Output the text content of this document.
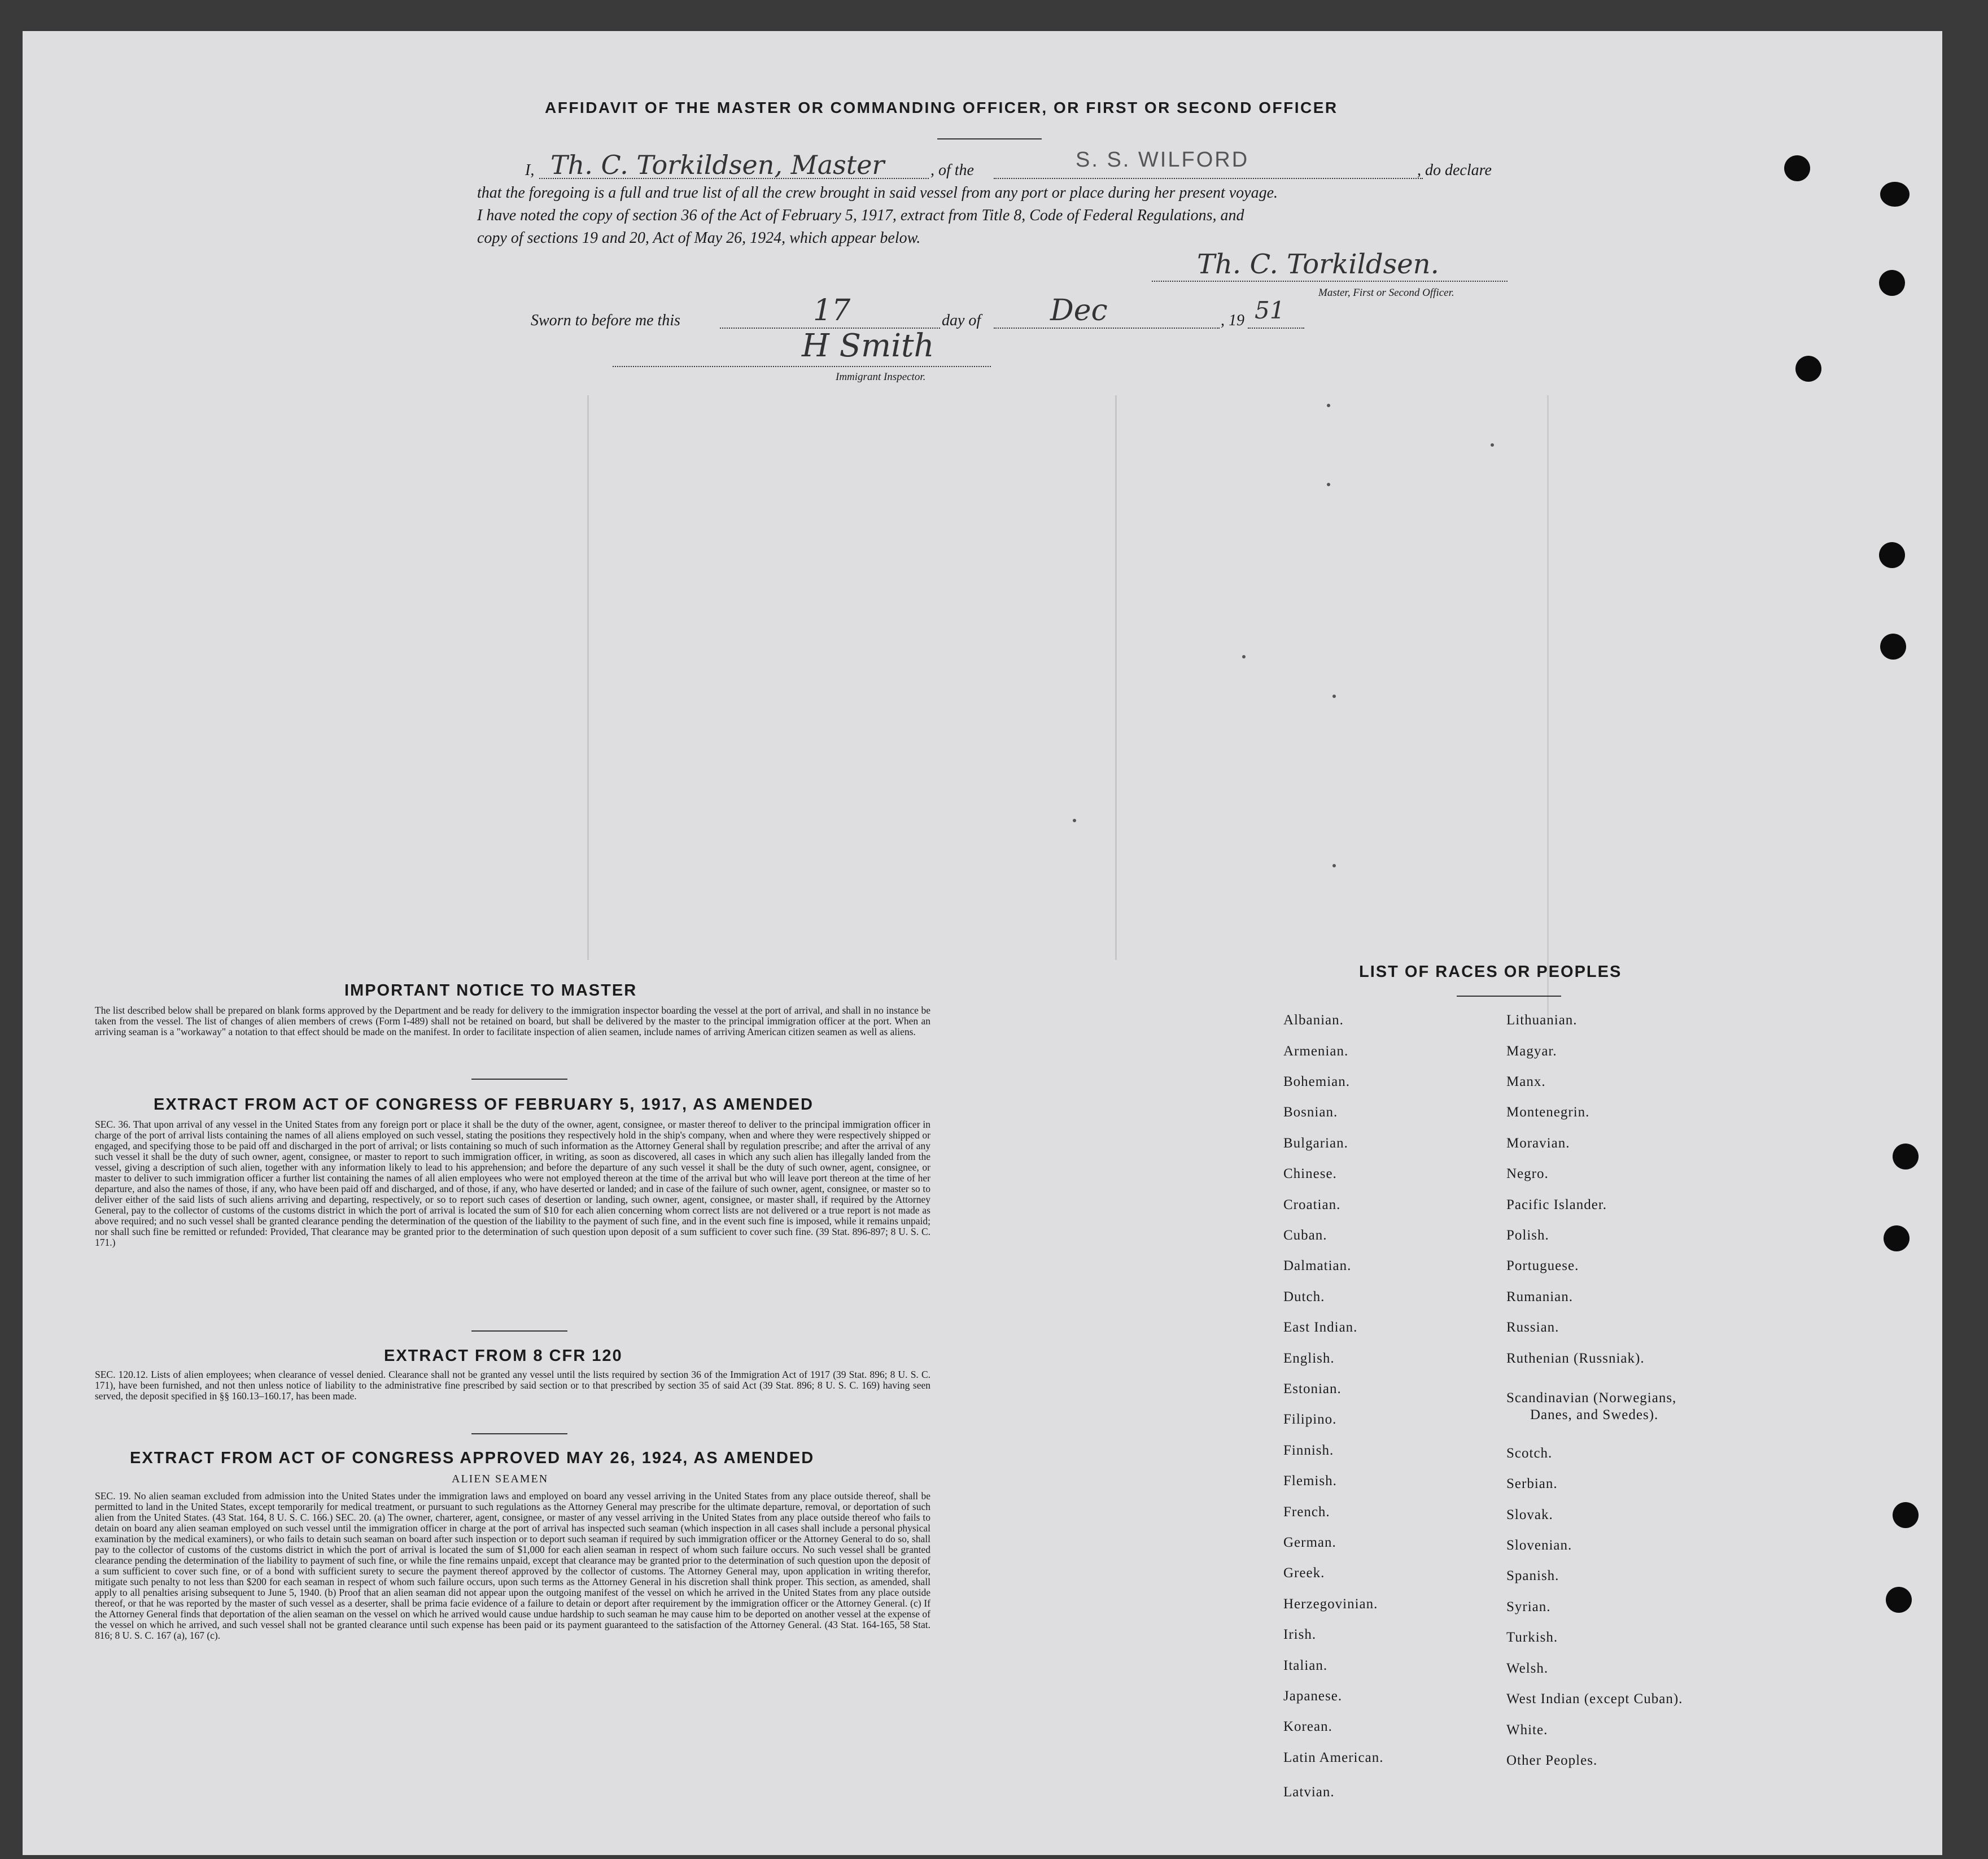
AFFIDAVIT OF THE MASTER OR COMMANDING OFFICER, OR FIRST OR SECOND OFFICER
I, Th. C. Torkildsen, Master	, of the	S. S. WILFORD	, do declare
that the foregoing is a full and true list of all the crew brought in said vessel from any port or place during her present voyage.
I have noted the copy of section 36 of the Act of February 5, 1917, extract from Title 8, Code of Federal Regulations, and
copy of sections 19 and 20, Act of May 26, 1924, which appear below.
Th. C. Torkildsen.
Master, First or Second Officer.
Sworn to before me this	17	day of Dec	, 19 51
H Smith
Immigrant Inspector.
IMPORTANT NOTICE TO MASTER
The list described below shall be prepared on blank forms approved by the Department and be ready for delivery to the immigration inspector boarding the vessel at the port of arrival, and shall in no instance be taken from the vessel. The list of changes of alien members of crews (Form I-489) shall not be retained on board, but shall be delivered by the master to the principal immigration officer at the port. When an arriving seaman is a "workaway" a notation to that effect should be made on the manifest. In order to facilitate inspection of alien seamen, include names of arriving American citizen seamen as well as aliens.
EXTRACT FROM ACT OF CONGRESS OF FEBRUARY 5, 1917, AS AMENDED
SEC. 36. That upon arrival of any vessel in the United States from any foreign port or place it shall be the duty of the owner, agent, consignee, or master thereof to deliver to the principal immigration officer in charge of the port of arrival lists containing the names of all aliens employed on such vessel, stating the positions they respectively hold in the ship's company, when and where they were respectively shipped or engaged, and specifying those to be paid off and discharged in the port of arrival; or lists containing so much of such information as the Attorney General shall by regulation prescribe; and after the arrival of any such vessel it shall be the duty of such owner, agent, consignee, or master to report to such immigration officer, in writing, as soon as discovered, all cases in which any such alien has illegally landed from the vessel, giving a description of such alien, together with any information likely to lead to his apprehension; and before the departure of any such vessel it shall be the duty of such owner, agent, consignee, or master to deliver to such immigration officer a further list containing the names of all alien employees who were not employed thereon at the time of the arrival but who will leave port thereon at the time of her departure, and also the names of those, if any, who have been paid off and discharged, and of those, if any, who have deserted or landed; and in case of the failure of such owner, agent, consignee, or master so to deliver either of the said lists of such aliens arriving and departing, respectively, or so to report such cases of desertion or landing, such owner, agent, consignee, or master shall, if required by the Attorney General, pay to the collector of customs of the customs district in which the port of arrival is located the sum of $10 for each alien concerning whom correct lists are not delivered or a true report is not made as above required; and no such vessel shall be granted clearance pending the determination of the question of the liability to the payment of such fine, and in the event such fine is imposed, while it remains unpaid; nor shall such fine be remitted or refunded: Provided, That clearance may be granted prior to the determination of such question upon deposit of a sum sufficient to cover such fine. (39 Stat. 896-897; 8 U. S. C. 171.)
EXTRACT FROM 8 CFR 120
SEC. 120.12. Lists of alien employees; when clearance of vessel denied. Clearance shall not be granted any vessel until the lists required by section 36 of the Immigration Act of 1917 (39 Stat. 896; 8 U. S. C. 171), have been furnished, and not then unless notice of liability to the administrative fine prescribed by said section or to that prescribed by section 35 of said Act (39 Stat. 896; 8 U. S. C. 169) having seen served, the deposit specified in §§ 160.13–160.17, has been made.
EXTRACT FROM ACT OF CONGRESS APPROVED MAY 26, 1924, AS AMENDED
ALIEN SEAMEN
SEC. 19. No alien seaman excluded from admission into the United States under the immigration laws and employed on board any vessel arriving in the United States from any place outside thereof, shall be permitted to land in the United States, except temporarily for medical treatment, or pursuant to such regulations as the Attorney General may prescribe for the ultimate departure, removal, or deportation of such alien from the United States. (43 Stat. 164, 8 U. S. C. 166.) SEC. 20. (a) The owner, charterer, agent, consignee, or master of any vessel arriving in the United States from any place outside thereof who fails to detain on board any alien seaman employed on such vessel until the immigration officer in charge at the port of arrival has inspected such seaman (which inspection in all cases shall include a personal physical examination by the medical examiners), or who fails to detain such seaman on board after such inspection or to deport such seaman if required by such immigration officer or the Attorney General to do so, shall pay to the collector of customs of the customs district in which the port of arrival is located the sum of $1,000 for each alien seaman in respect of whom such failure occurs. No such vessel shall be granted clearance pending the determination of the liability to payment of such fine, or while the fine remains unpaid, except that clearance may be granted prior to the determination of such question upon the deposit of a sum sufficient to cover such fine, or of a bond with sufficient surety to secure the payment thereof approved by the collector of customs. The Attorney General may, upon application in writing therefor, mitigate such penalty to not less than $200 for each seaman in respect of whom such failure occurs, upon such terms as the Attorney General in his discretion shall think proper. This section, as amended, shall apply to all penalties arising subsequent to June 5, 1940. (b) Proof that an alien seaman did not appear upon the outgoing manifest of the vessel on which he arrived in the United States from any place outside thereof, or that he was reported by the master of such vessel as a deserter, shall be prima facie evidence of a failure to detain or deport after requirement by the immigration officer or the Attorney General. (c) If the Attorney General finds that deportation of the alien seaman on the vessel on which he arrived would cause undue hardship to such seaman he may cause him to be deported on another vessel at the expense of the vessel on which he arrived, and such vessel shall not be granted clearance until such expense has been paid or its payment guaranteed to the satisfaction of the Attorney General. (43 Stat. 164-165, 58 Stat. 816; 8 U. S. C. 167 (a), 167 (c).
LIST OF RACES OR PEOPLES
Albanian.
Armenian.
Bohemian.
Bosnian.
Bulgarian.
Chinese.
Croatian.
Cuban.
Dalmatian.
Dutch.
East Indian.
English.
Estonian.
Filipino.
Finnish.
Flemish.
French.
German.
Greek.
Herzegovinian.
Irish.
Italian.
Japanese.
Korean.
Latin American.
Latvian.
Lithuanian.
Magyar.
Manx.
Montenegrin.
Moravian.
Negro.
Pacific Islander.
Polish.
Portuguese.
Rumanian.
Russian.
Ruthenian (Russniak).
Scandinavian (Norwegians,
Danes, and Swedes).
Scotch.
Serbian.
Slovak.
Slovenian.
Spanish.
Syrian.
Turkish.
Welsh.
West Indian (except Cuban).
White.
Other Peoples.
